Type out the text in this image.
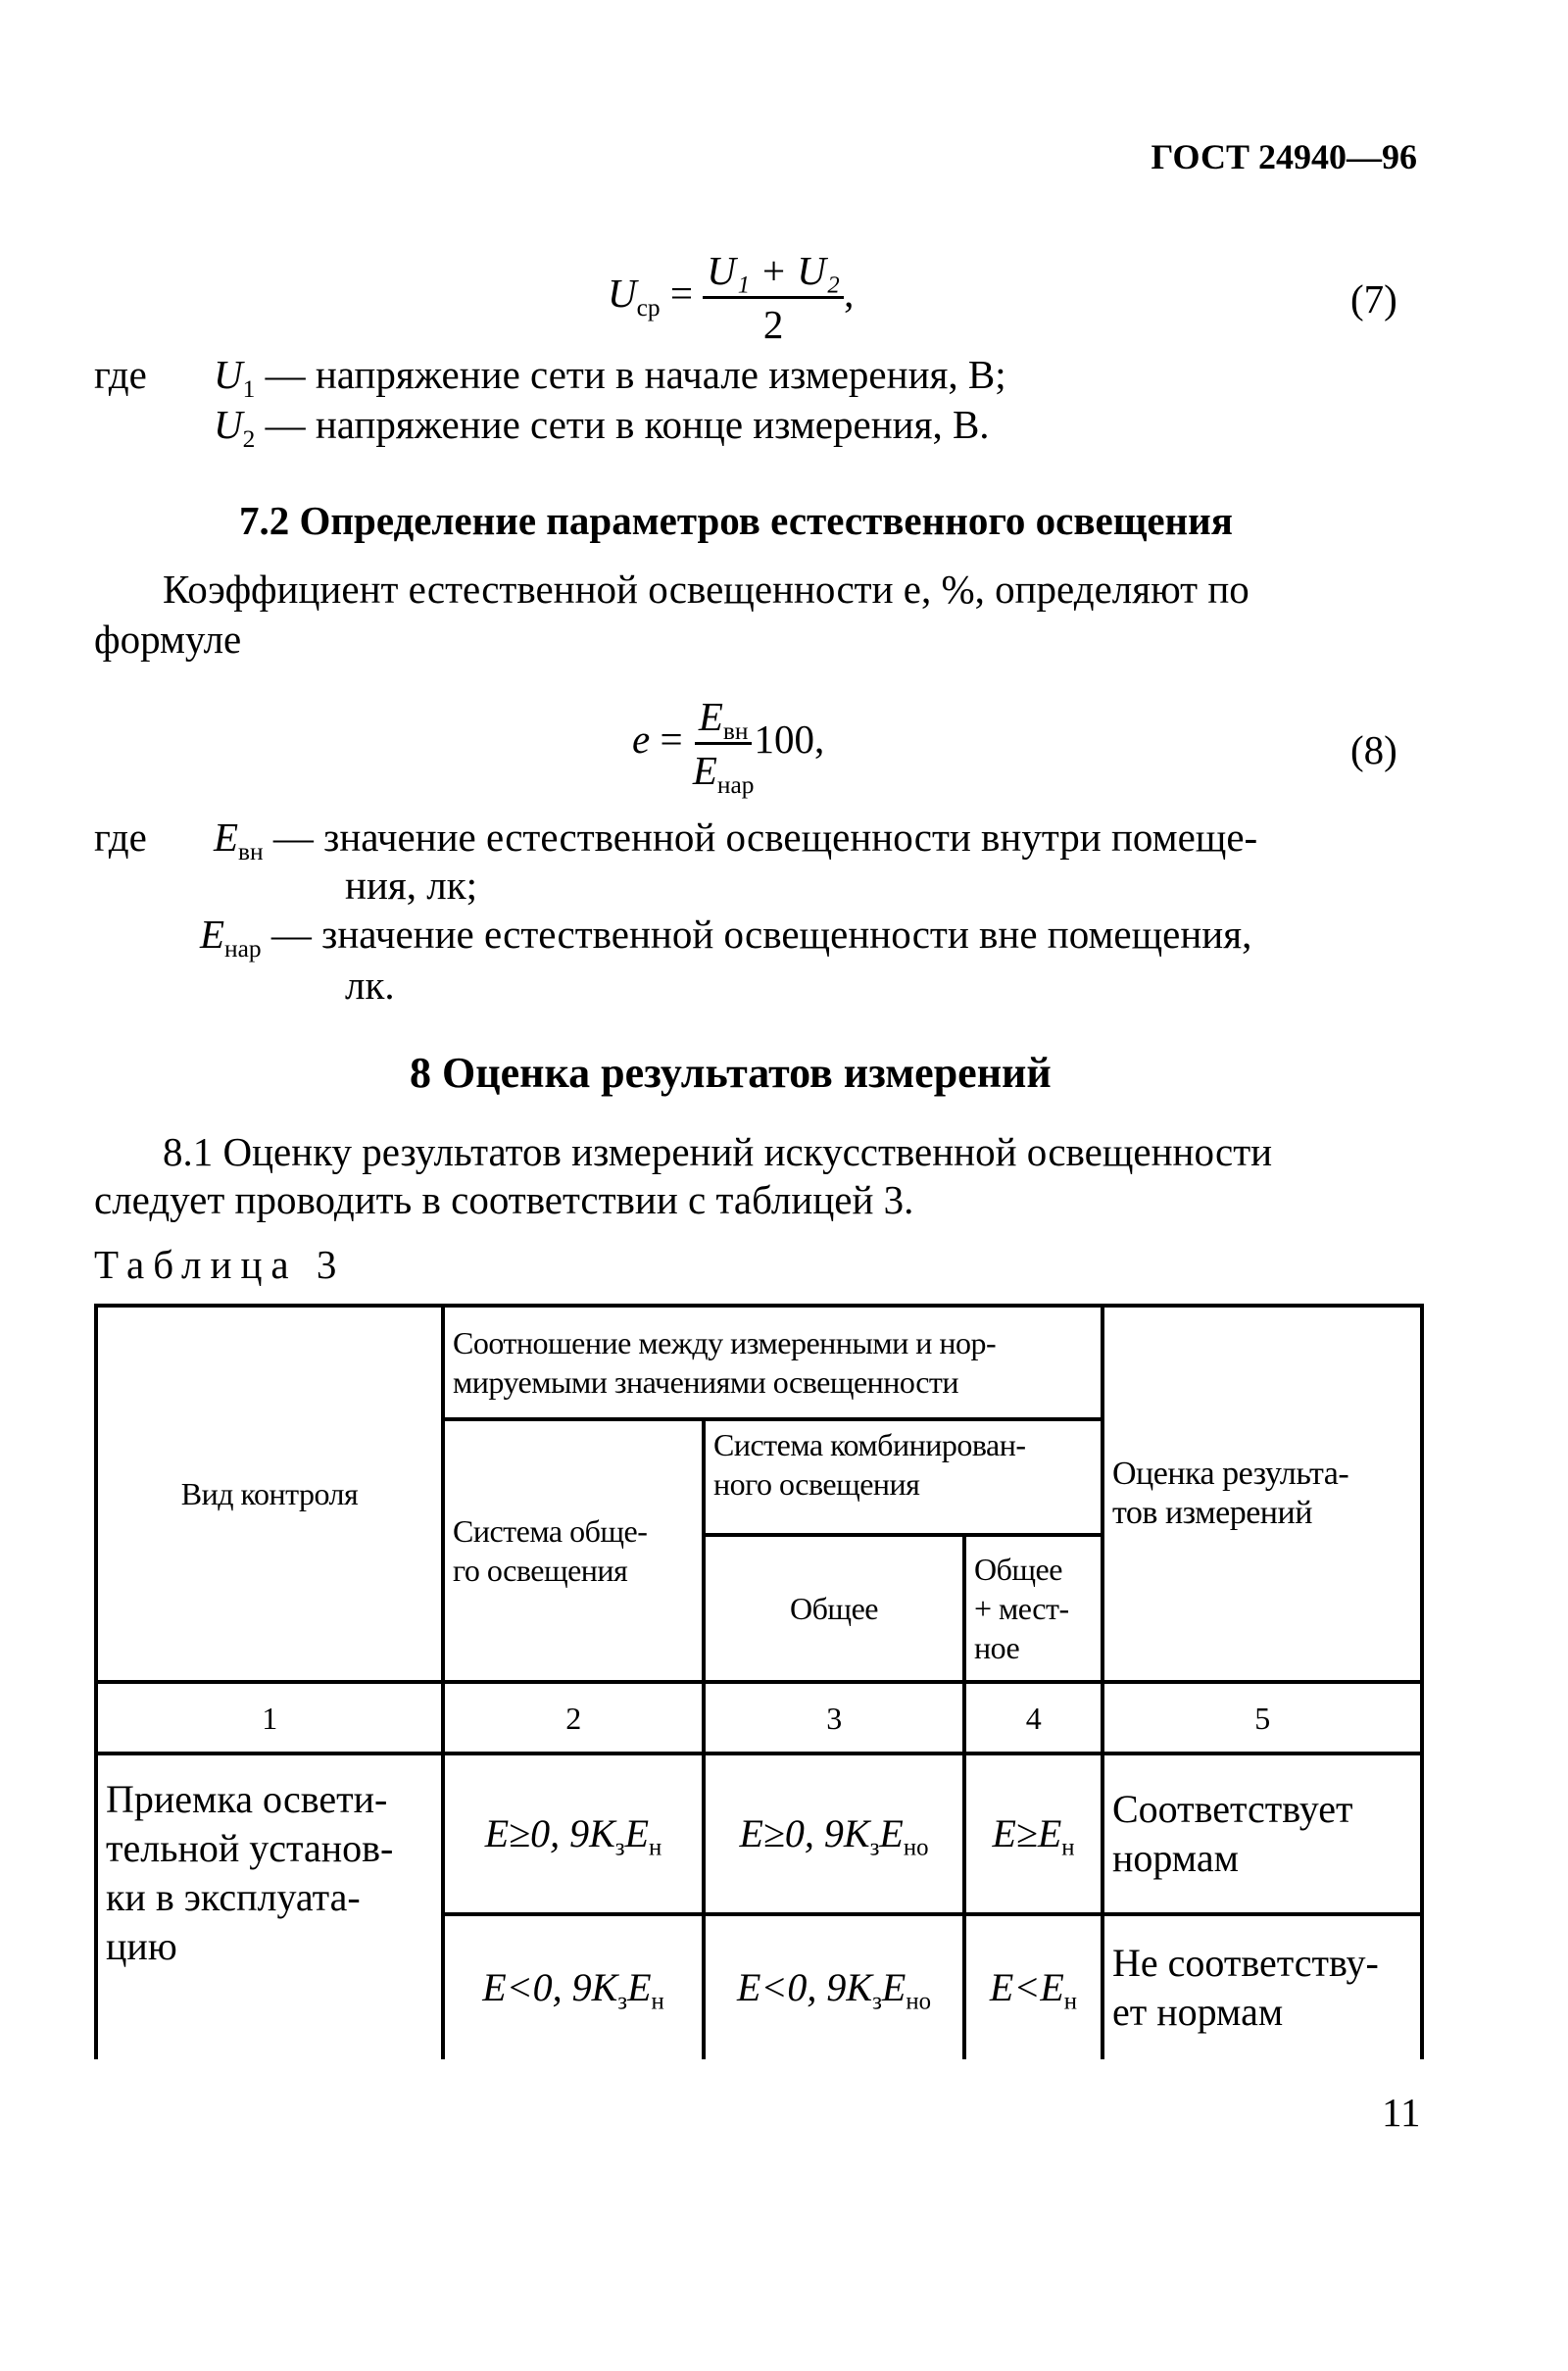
ГОСТ 24940—96
$U_{ср} = \frac{\text{U₁ + U₂}}{2}$ ,	(7)
где $U_1$ — напряжение сети в начале измерения, В;
$U_2$ — напряжение сети в конце измерения, В.
7.2 Определение параметров естественного освещения
Коэффициент естественной освещенности e, %, определяют по
формуле
$e = \frac{E_{вн}}{E_{нар}} 100$,	(8)
где $E_{вн}$ — значение естественной освещенности внутри помеще-
ния, лк;
$E_{нар}$ — значение естественной освещенности вне помещения,
лк.
8 Оценка результатов измерений
8.1 Оценку результатов измерений искусственной освещенности
следует проводить в соответствии с таблицей 3.
Таблица 3
Вид контроля	Соотношение между измеренными и нор-
мируемыми значениями освещенности			Оценка результа-
тов измерений
	Система обще-
го освещения	Система комбинирован-
ного освещения		
		Общее	Общее
+ мест-
ное	
1	2	3	4	5
Приемка освети-
тельной установ-
ки в эксплуата-
цию	E≥0, $9K_зE_н$	E≥0, $9K_зE_{но}$	$E\ge E_н$	Соответствует
нормам
	E<0, $9K_зE_н$	E<0, $9K_зE_{но}$	$E<E_н$	Не соответству-
ет нормам
11
